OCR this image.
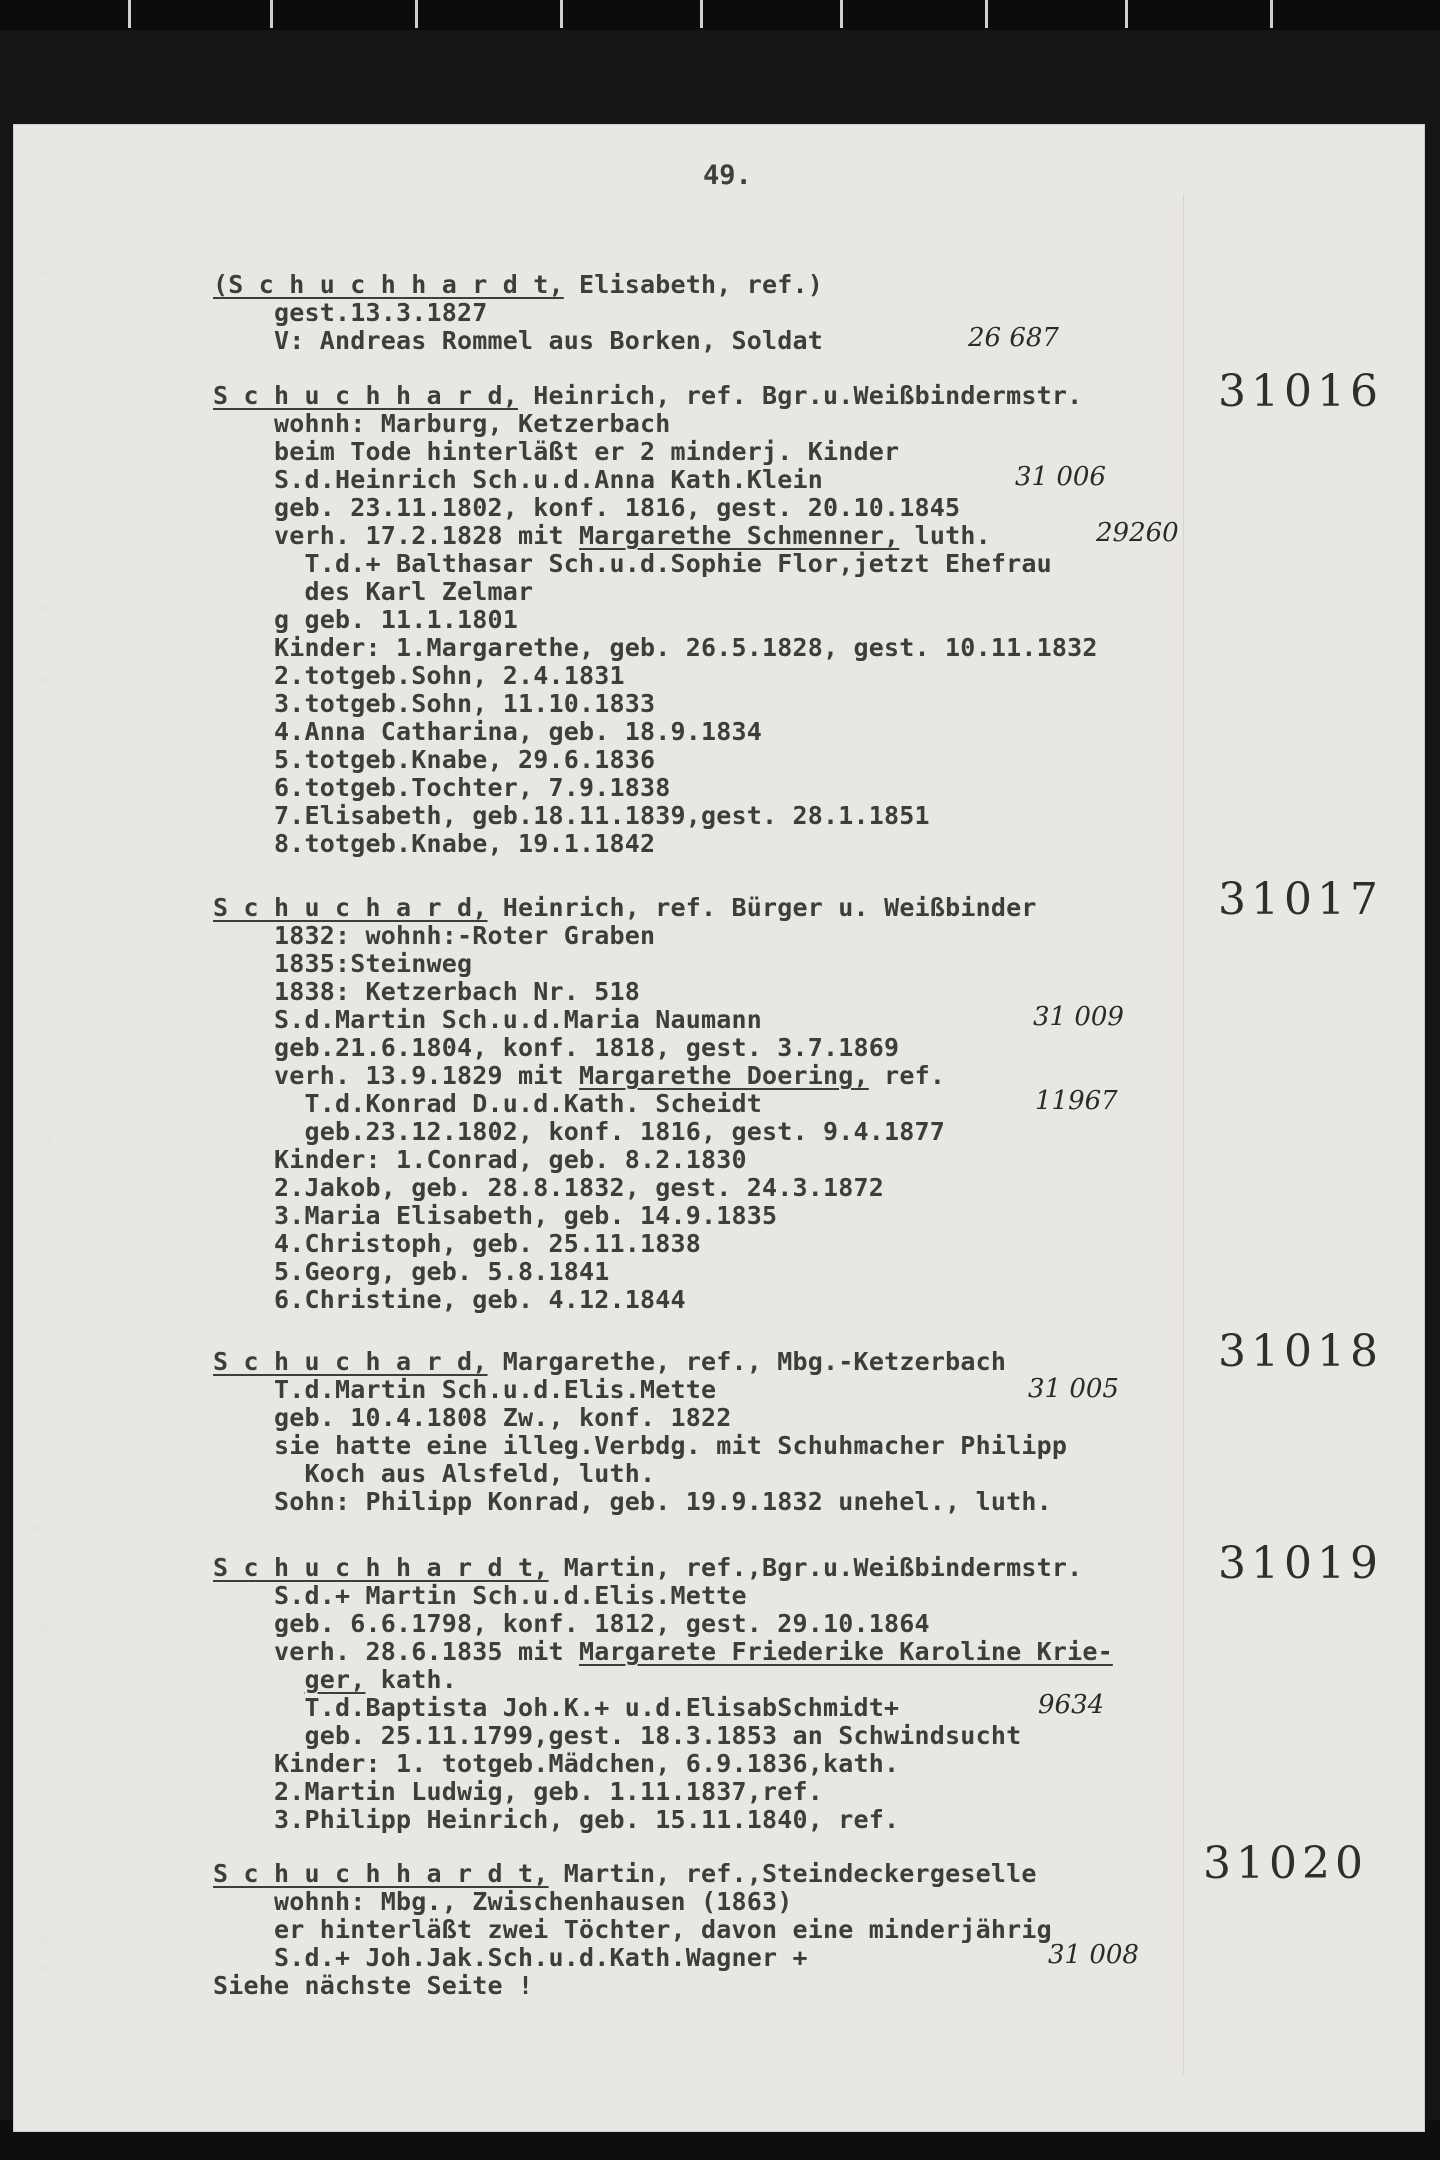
49.
(S c h u c h h a r d t, Elisabeth, ref.)
gest.13.3.1827
V: Andreas Rommel aus Borken, Soldat	26 687
31016
S c h u c h h a r d, Heinrich, ref. Bgr.u.Weißbindermstr.
wohnh: Marburg, Ketzerbach
beim Tode hinterläßt er 2 minderj. Kinder
S.d.Heinrich Sch.u.d.Anna Kath.Klein
geb. 23.11.1802, konf. 1816, gest. 20.10.1845
verh. 17.2.1828 mit Margarethe Schmenner, luth.
T.d.+ Balthasar Sch.u.d.Sophie Flor,jetzt Ehefrau
des Karl Zelmar
g geb. 11.1.1801
Kinder: 1.Margarethe, geb. 26.5.1828, gest. 10.11.1832
2.totgeb.Sohn, 2.4.1831
3.totgeb.Sohn, 11.10.1833
4.Anna Catharina, geb. 18.9.1834
5.totgeb.Knabe, 29.6.1836
6.totgeb.Tochter, 7.9.1838
7.Elisabeth, geb.18.11.1839,gest. 28.1.1851
8.totgeb.Knabe, 19.1.1842
31 006
29260
31017
S c h u c h a r d, Heinrich, ref. Bürger u. Weißbinder
1832: wohnh:-Roter Graben
1835:Steinweg
1838: Ketzerbach Nr. 518
S.d.Martin Sch.u.d.Maria Naumann
geb.21.6.1804, konf. 1818, gest. 3.7.1869
verh. 13.9.1829 mit Margarethe Doering, ref.
T.d.Konrad D.u.d.Kath. Scheidt
geb.23.12.1802, konf. 1816, gest. 9.4.1877
Kinder: 1.Conrad, geb. 8.2.1830
2.Jakob, geb. 28.8.1832, gest. 24.3.1872
3.Maria Elisabeth, geb. 14.9.1835
4.Christoph, geb. 25.11.1838
5.Georg, geb. 5.8.1841
6.Christine, geb. 4.12.1844
31 009
11967
31018
S c h u c h a r d, Margarethe, ref., Mbg.-Ketzerbach
T.d.Martin Sch.u.d.Elis.Mette
geb. 10.4.1808 Zw., konf. 1822
sie hatte eine illeg.Verbdg. mit Schuhmacher Philipp
Koch aus Alsfeld, luth.
Sohn: Philipp Konrad, geb. 19.9.1832 unehel., luth.
31 005
31019
S c h u c h h a r d t, Martin, ref.,Bgr.u.Weißbindermstr.
S.d.+ Martin Sch.u.d.Elis.Mette
geb. 6.6.1798, konf. 1812, gest. 29.10.1864
verh. 28.6.1835 mit Margarete Friederike Karoline Krie-
ger, kath.
T.d.Baptista Joh.K.+ u.d.ElisabSchmidt+
geb. 25.11.1799,gest. 18.3.1853 an Schwindsucht
Kinder: 1. totgeb.Mädchen, 6.9.1836,kath.
2.Martin Ludwig, geb. 1.11.1837,ref.
3.Philipp Heinrich, geb. 15.11.1840, ref.
9634
31020
S c h u c h h a r d t, Martin, ref.,Steindeckergeselle
wohnh: Mbg., Zwischenhausen (1863)
er hinterläßt zwei Töchter, davon eine minderjährig
S.d.+ Joh.Jak.Sch.u.d.Kath.Wagner +
Siehe nächste Seite !
31 008
